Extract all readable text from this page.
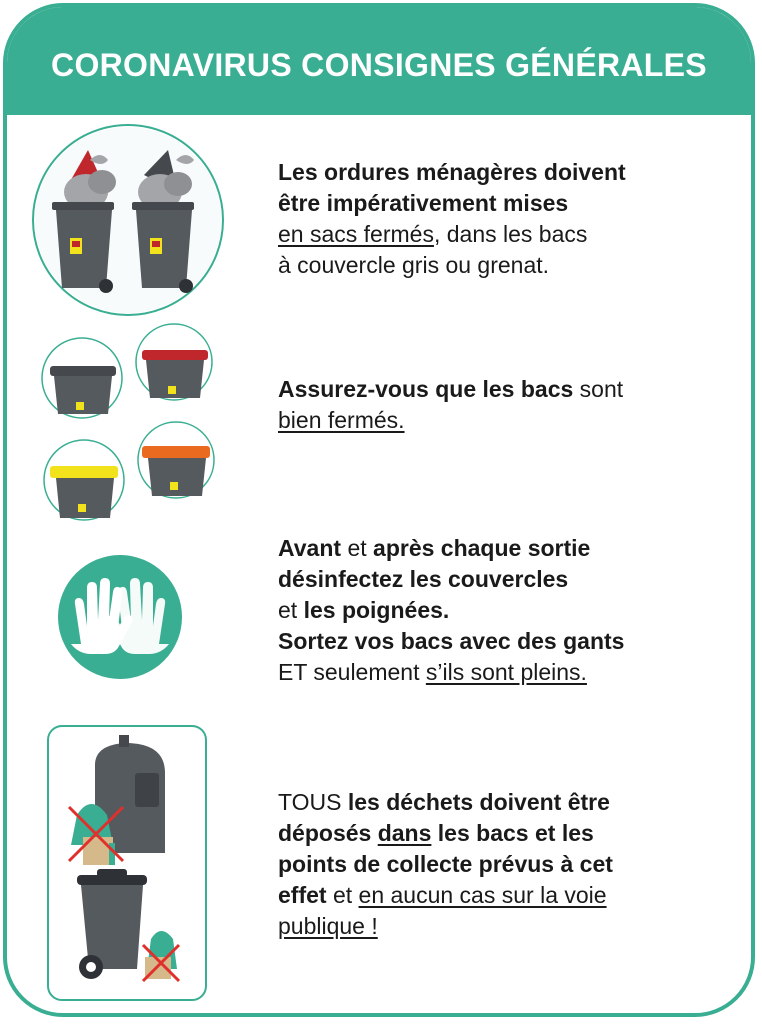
CORONAVIRUS CONSIGNES GÉNÉRALES
Les ordures ménagères doivent
être impérativement mises
en sacs fermés, dans les bacs
à couvercle gris ou grenat.
Assurez-vous que les bacs sont
bien fermés.
Avant et après chaque sortie
désinfectez les couvercles
et les poignées.
Sortez vos bacs avec des gants
ET seulement s’ils sont pleins.
TOUS les déchets doivent être
déposés dans les bacs et les
points de collecte prévus à cet
effet et en aucun cas sur la voie
publique !
